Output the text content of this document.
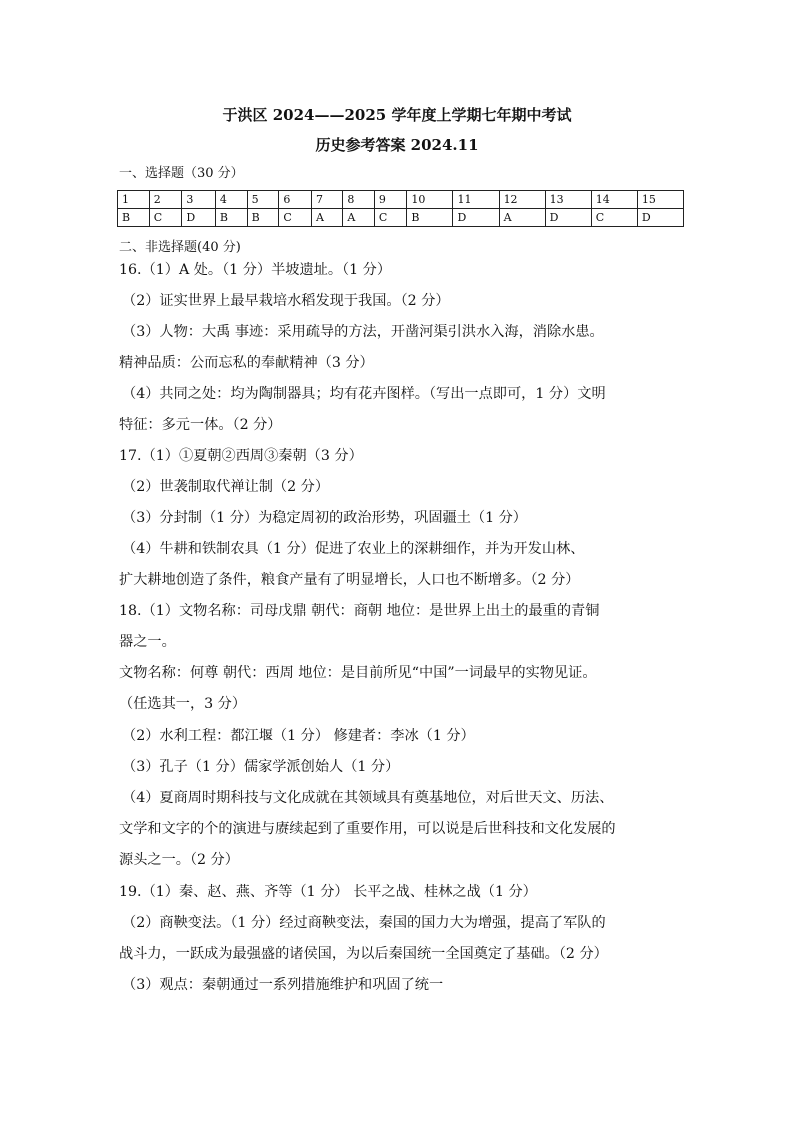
于洪区 2024——2025 学年度上学期七年期中考试
历史参考答案 2024.11
一、选择题（30 分）
1	2	3	4	5	6	7	8	9	10	11	12	13	14	15
B	C	D	B	B	C	A	A	C	B	D	A	D	C	D
二、非选择题(40 分)
16.（1）A 处。（1 分）半坡遗址。（1 分）
（2）证实世界上最早栽培水稻发现于我国。（2 分）
（3）人物：大禹 事迹：采用疏导的方法，开凿河渠引洪水入海，消除水患。
精神品质：公而忘私的奉献精神（3 分）
（4）共同之处：均为陶制器具；均有花卉图样。（写出一点即可，1 分）文明
特征：多元一体。（2 分）
17.（1）①夏朝②西周③秦朝（3 分）
（2）世袭制取代禅让制（2 分）
（3）分封制（1 分）为稳定周初的政治形势，巩固疆土（1 分）
（4）牛耕和铁制农具（1 分）促进了农业上的深耕细作，并为开发山林、
扩大耕地创造了条件，粮食产量有了明显增长，人口也不断增多。（2 分）
18.（1）文物名称：司母戊鼎 朝代：商朝 地位：是世界上出土的最重的青铜
器之一。
文物名称：何尊 朝代：西周 地位：是目前所见“中国”一词最早的实物见证。
（任选其一，3 分）
（2）水利工程：都江堰（1 分） 修建者：李冰（1 分）
（3）孔子（1 分）儒家学派创始人（1 分）
（4）夏商周时期科技与文化成就在其领域具有奠基地位，对后世天文、历法、
文学和文字的个的演进与赓续起到了重要作用，可以说是后世科技和文化发展的
源头之一。（2 分）
19.（1）秦、赵、燕、齐等（1 分） 长平之战、桂林之战（1 分）
（2）商鞅变法。（1 分）经过商鞅变法，秦国的国力大为增强，提高了军队的
战斗力，一跃成为最强盛的诸侯国，为以后秦国统一全国奠定了基础。（2 分）
（3）观点：秦朝通过一系列措施维护和巩固了统一
